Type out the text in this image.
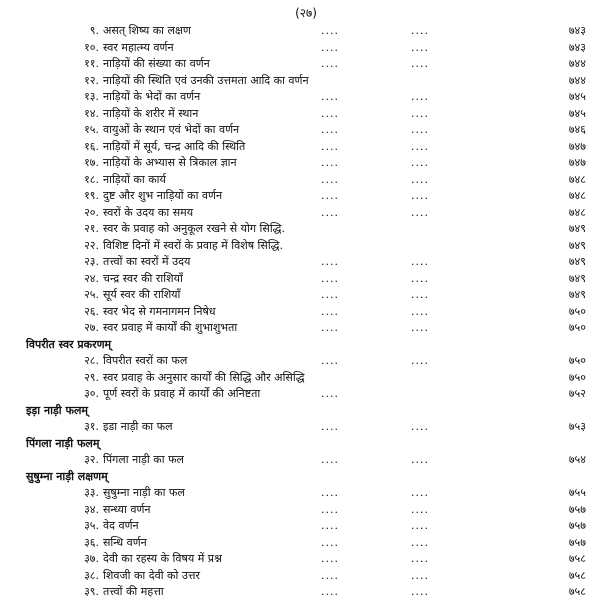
(२७)
९. असत् शिष्य का लक्षण	....	....	७४३
१०. स्वर महात्म्य वर्णन	....	....	७४३
११. नाड़ियों की संख्या का वर्णन	....	....	७४४
१२. नाड़ियों की स्थिति एवं उनकी उत्तमता आदि का वर्णन	७४४
१३. नाड़ियों के भेदों का वर्णन	....	....	७४५
१४. नाड़ियों के शरीर में स्थान	....	....	७४५
१५. वायुओं के स्थान एवं भेदों का वर्णन	....	....	७४६
१६. नाड़ियों में सूर्य, चन्द्र आदि की स्थिति	....	....	७४७
१७. नाड़ियों के अभ्यास से त्रिकाल ज्ञान	....	....	७४७
१८. नाड़ियों का कार्य	....	....	७४८
१९. दुष्ट और शुभ नाड़ियों का वर्णन	....	....	७४८
२०. स्वरों के उदय का समय	....	....	७४८
२१. स्वर के प्रवाह को अनुकूल रखने से योग सिद्धि.	७४९
२२. विशिष्ट दिनों में स्वरों के प्रवाह में विशेष सिद्धि.	७४९
२३. तत्त्वों का स्वरों में उदय	....	....	७४९
२४. चन्द्र स्वर की राशियाँ	....	....	७४९
२५. सूर्य स्वर की राशियाँ	....	....	७४९
२६. स्वर भेद से गमनागमन निषेध	....	....	७५०
२७. स्वर प्रवाह में कार्यों की शुभाशुभता	....	....	७५०
विपरीत स्वर प्रकरणम्
२८. विपरीत स्वरों का फल	....	....	७५०
२९. स्वर प्रवाह के अनुसार कार्यों की सिद्धि और असिद्धि	७५०
३०. पूर्ण स्वरों के प्रवाह में कार्यों की अनिष्टता	....	७५२
इड़ा नाड़ी फलम्
३१. इडा नाड़ी का फल	....	....	७५३
पिंगला नाड़ी फलम्
३२. पिंगला नाड़ी का फल	....	....	७५४
सुषुम्ना नाड़ी लक्षणम्
३३. सुषुम्ना नाड़ी का फल	....	....	७५५
३४. सन्ध्या वर्णन	....	....	७५७
३५. वेद वर्णन	....	....	७५७
३६. सन्धि वर्णन	....	....	७५७
३७. देवी का रहस्य के विषय में प्रश्न	....	....	७५८
३८. शिवजी का देवी को उत्तर	....	....	७५८
३९. तत्त्वों की महत्ता	....	....	७५८
